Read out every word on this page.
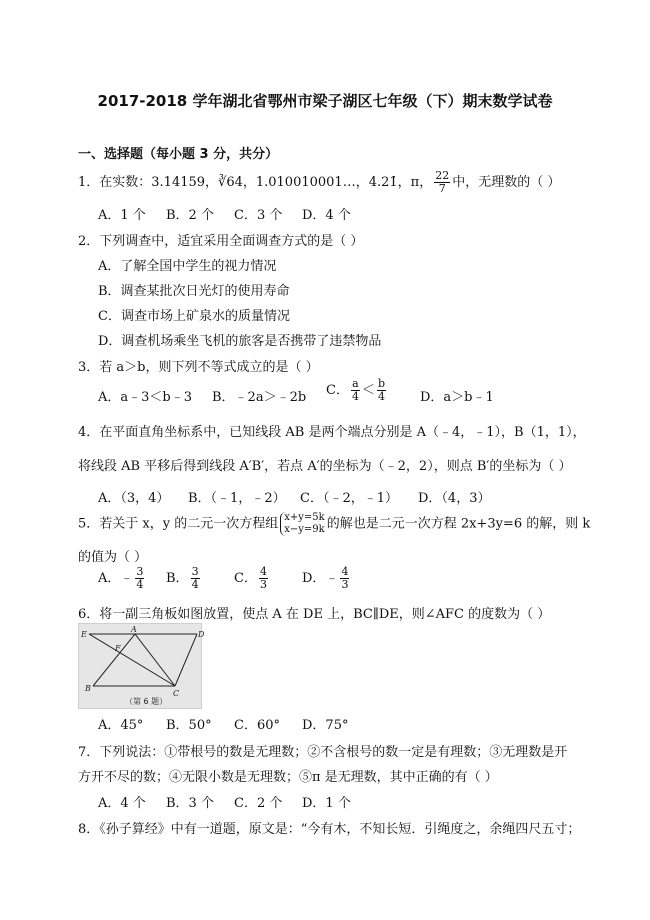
2017-2018 学年湖北省鄂州市梁子湖区七年级（下）期末数学试卷
一、选择题（每小题 3 分，共分）
1．在实数：3.14159，∛64，1.010010001…，4.21̇，π， $\frac{22}{7}$ 中，无理数的（ ）
A．1 个 B．2 个 C．3 个 D．4 个
2．下列调查中，适宜采用全面调查方式的是（ ）
A．了解全国中学生的视力情况
B．调查某批次日光灯的使用寿命
C．调查市场上矿泉水的质量情况
D．调查机场乘坐飞机的旅客是否携带了违禁物品
3．若 a＞b，则下列不等式成立的是（ ）
A．a﹣3＜b﹣3 B．﹣2a＞﹣2b C． $\frac{a}{4} < \frac{b}{4}$	D．a＞b﹣1
4．在平面直角坐标系中，已知线段 AB 是两个端点分别是 A（﹣4，﹣1），B（1，1），
将线段 AB 平移后得到线段 A′B′，若点 A′的坐标为（﹣2，2），则点 B′的坐标为（ ）
A．（3，4） B．（﹣1，﹣2） C．（﹣2，﹣1） D．（4，3）
5．若关于 x，y 的二元一次方程组 x+y=5k
x−y=9k 的解也是二元一次方程 2x+3y=6 的解，则 k
的值为（ ）
A．﹣ $\frac{3}{4}$ B． $\frac{3}{4}$	C． $\frac{4}{3}$	D．﹣ $\frac{4}{3}$
6．将一副三角板如图放置，使点 A 在 DE 上，BC∥DE，则∠AFC 的度数为（ ）
E
A
D
F
B
C
（第 6 题）
A．45° B．50° C．60° D．75°
7．下列说法：①带根号的数是无理数；②不含根号的数一定是有理数；③无理数是开
方开不尽的数；④无限小数是无理数；⑤π 是无理数，其中正确的有（ ）
A．4 个 B．3 个 C．2 个 D．1 个
8．《孙子算经》中有一道题，原文是：“今有木，不知长短．引绳度之，余绳四尺五寸；
